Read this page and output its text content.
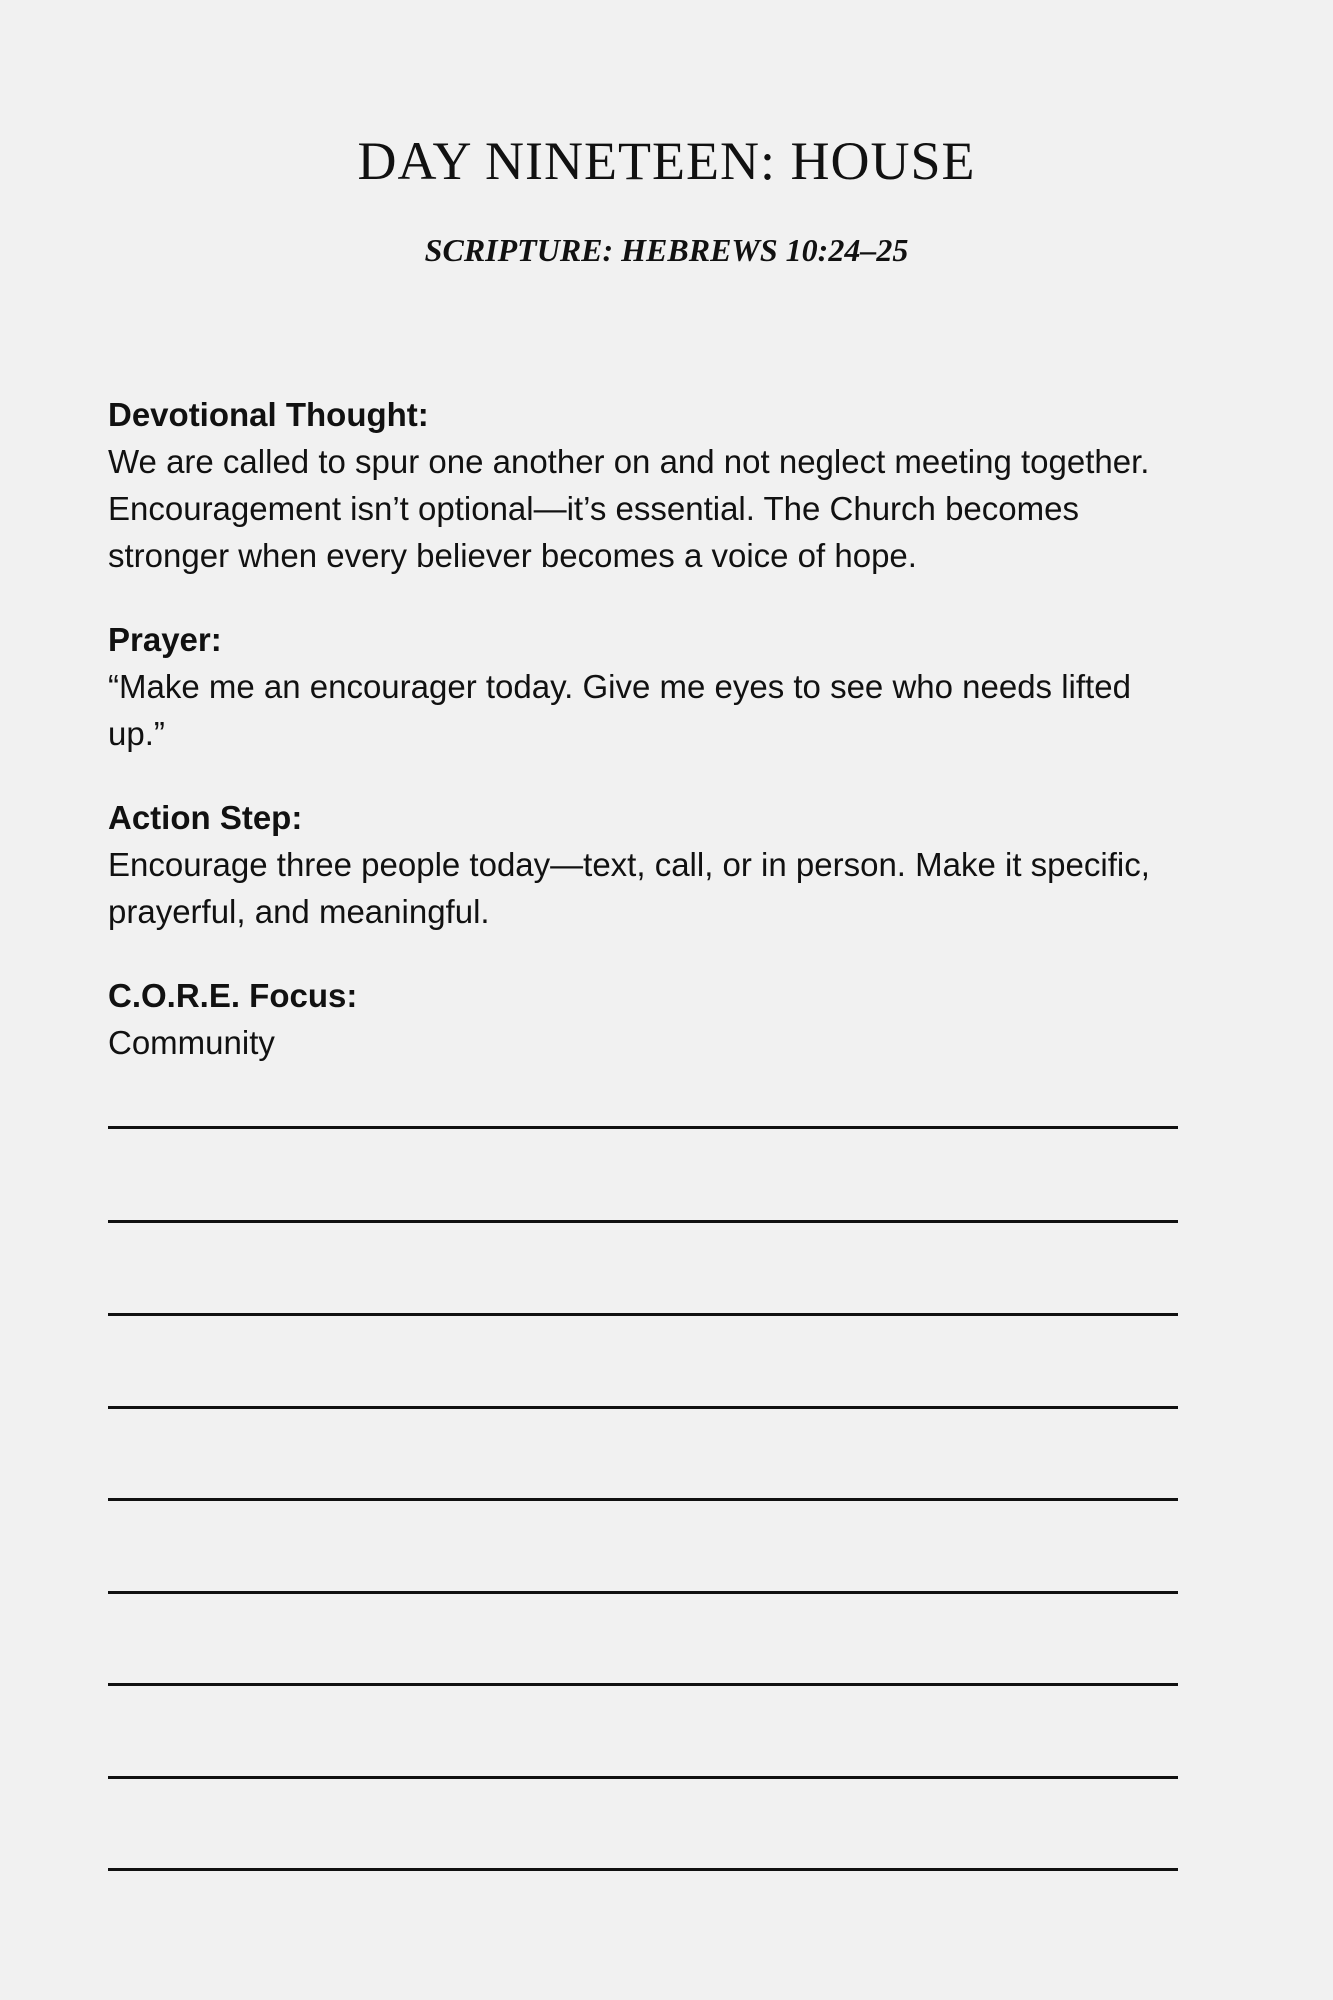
DAY NINETEEN: HOUSE
SCRIPTURE: HEBREWS 10:24–25

Devotional Thought:

We are called to spur one another on and not neglect meeting together. Encouragement isn’t optional—it’s essential. The Church becomes stronger when every believer becomes a voice of hope.

Prayer:

“Make me an encourager today. Give me eyes to see who needs lifted up.”

Action Step:

Encourage three people today—text, call, or in person. Make it specific, prayerful, and meaningful.

C.O.R.E. Focus:

Community
